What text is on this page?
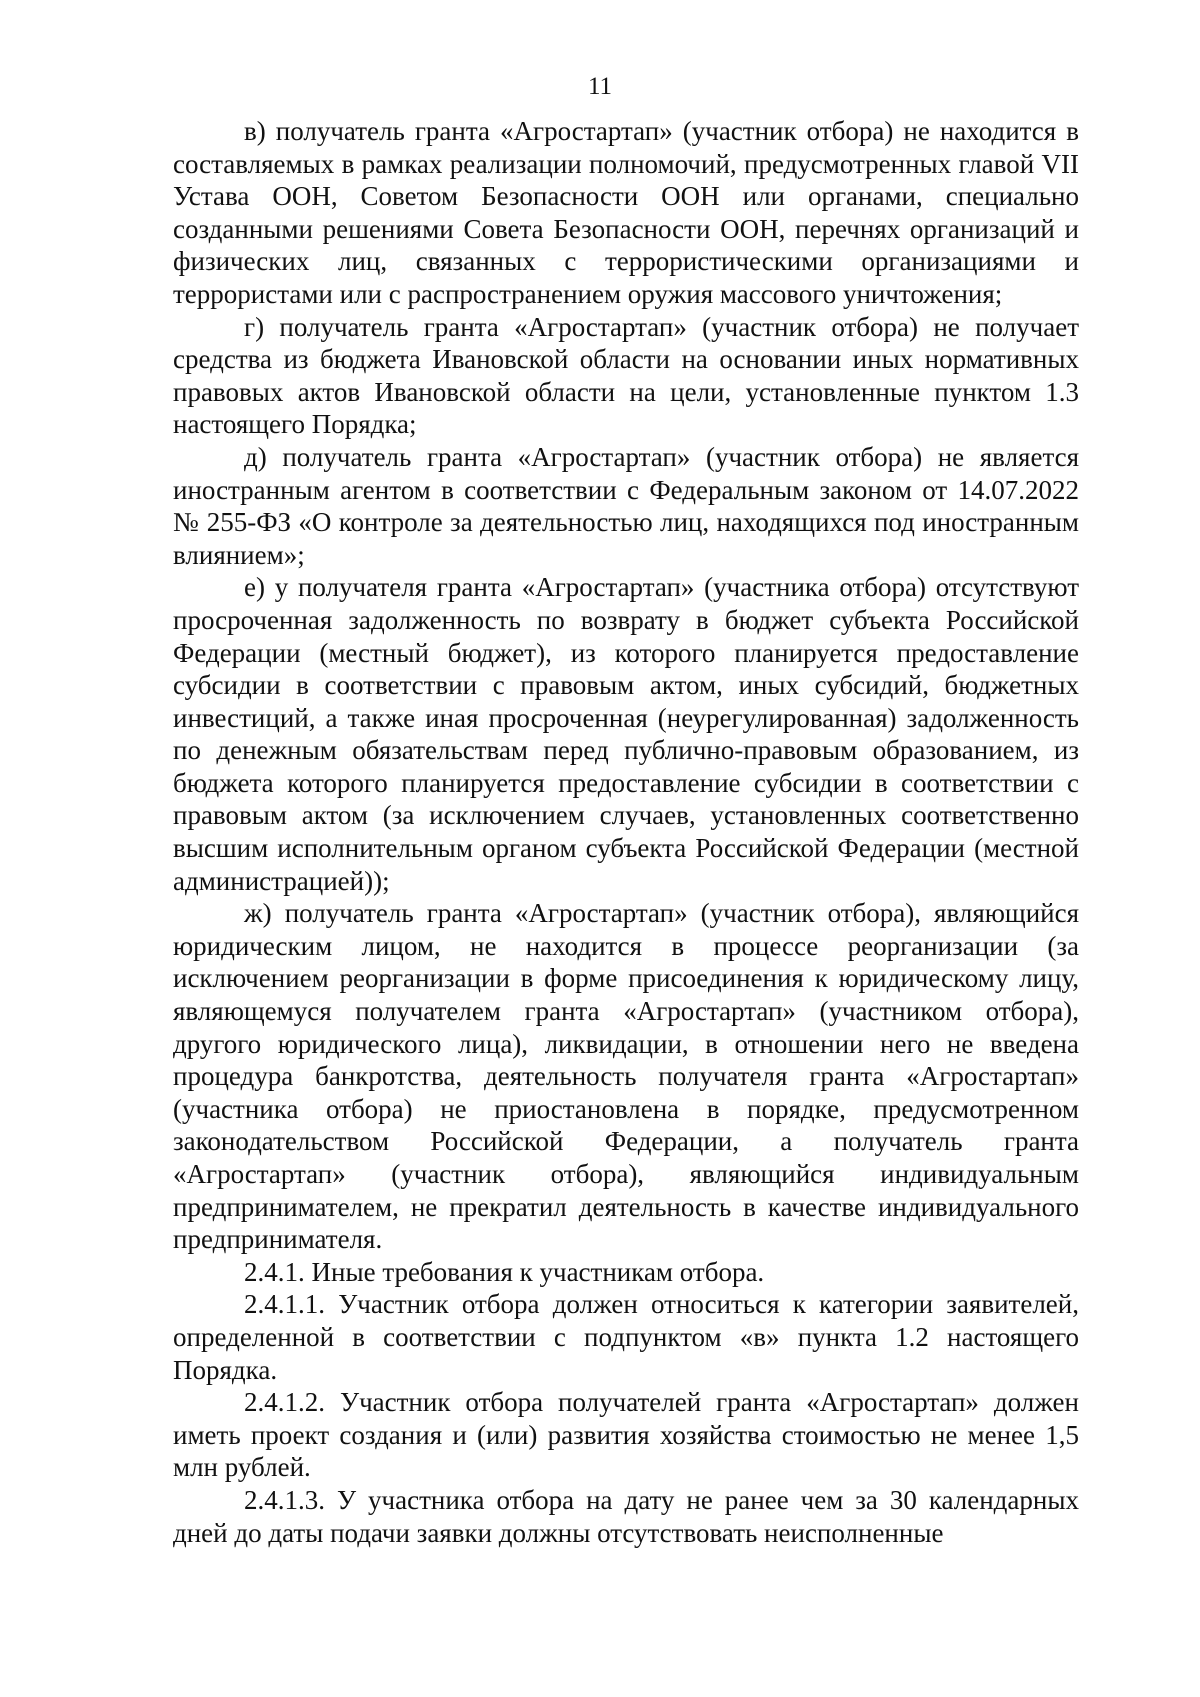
11

в) получатель гранта «Агростартап» (участник отбора) не находится в составляемых в рамках реализации полномочий, предусмотренных главой VII Устава ООН, Советом Безопасности ООН или органами, специально созданными решениями Совета Безопасности ООН, перечнях организаций и физических лиц, связанных с террористическими организациями и террористами или с распространением оружия массового уничтожения;

г) получатель гранта «Агростартап» (участник отбора) не получает средства из бюджета Ивановской области на основании иных нормативных правовых актов Ивановской области на цели, установленные пунктом 1.3 настоящего Порядка;

д) получатель гранта «Агростартап» (участник отбора) не является иностранным агентом в соответствии с Федеральным законом от 14.07.2022 № 255-ФЗ «О контроле за деятельностью лиц, находящихся под иностранным влиянием»;

е) у получателя гранта «Агростартап» (участника отбора) отсутствуют просроченная задолженность по возврату в бюджет субъекта Российской Федерации (местный бюджет), из которого планируется предоставление субсидии в соответствии с правовым актом, иных субсидий, бюджетных инвестиций, а также иная просроченная (неурегулированная) задолженность по денежным обязательствам перед публично-правовым образованием, из бюджета которого планируется предоставление субсидии в соответствии с правовым актом (за исключением случаев, установленных соответственно высшим исполнительным органом субъекта Российской Федерации (местной администрацией));

ж) получатель гранта «Агростартап» (участник отбора), являющийся юридическим лицом, не находится в процессе реорганизации (за исключением реорганизации в форме присоединения к юридическому лицу, являющемуся получателем гранта «Агростартап» (участником отбора), другого юридического лица), ликвидации, в отношении него не введена процедура банкротства, деятельность получателя гранта «Агростартап» (участника отбора) не приостановлена в порядке, предусмотренном законодательством Российской Федерации, а получатель гранта «Агростартап» (участник отбора), являющийся индивидуальным предпринимателем, не прекратил деятельность в качестве индивидуального предпринимателя.

2.4.1. Иные требования к участникам отбора.

2.4.1.1. Участник отбора должен относиться к категории заявителей, определенной в соответствии с подпунктом «в» пункта 1.2 настоящего Порядка.

2.4.1.2. Участник отбора получателей гранта «Агростартап» должен иметь проект создания и (или) развития хозяйства стоимостью не менее 1,5 млн рублей.

2.4.1.3. У участника отбора на дату не ранее чем за 30 календарных дней до даты подачи заявки должны отсутствовать неисполненные
